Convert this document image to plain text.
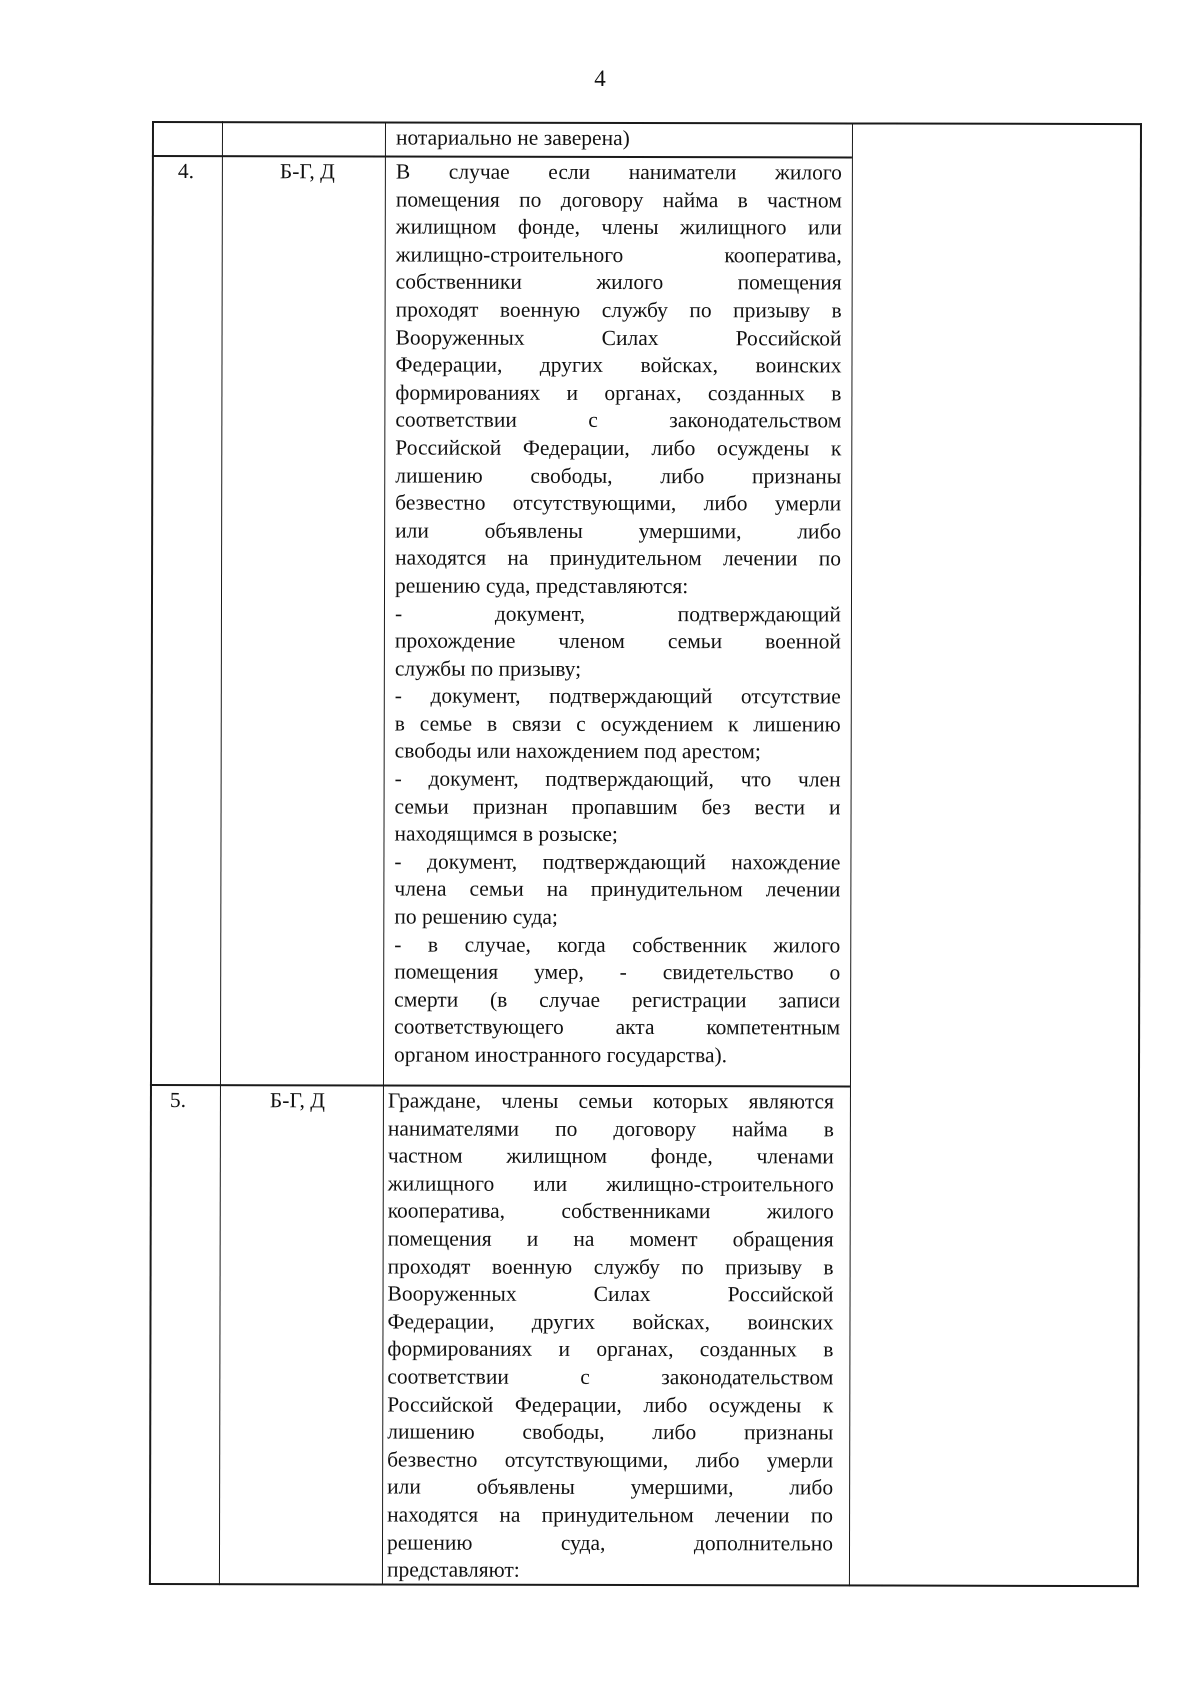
4
нотариально не заверена)
4.	Б-Г, Д	В случае если наниматели жилого
помещения по договору найма в частном
жилищном фонде, члены жилищного или
жилищно-строительного кооператива,
собственники жилого помещения
проходят военную службу по призыву в
Вооруженных Силах Российской
Федерации, других войсках, воинских
формированиях и органах, созданных в
соответствии с законодательством
Российской Федерации, либо осуждены к
лишению свободы, либо признаны
безвестно отсутствующими, либо умерли
или объявлены умершими, либо
находятся на принудительном лечении по
решению суда, представляются:
- документ, подтверждающий
прохождение членом семьи военной
службы по призыву;
- документ, подтверждающий отсутствие
в семье в связи с осуждением к лишению
свободы или нахождением под арестом;
- документ, подтверждающий, что член
семьи признан пропавшим без вести и
находящимся в розыске;
- документ, подтверждающий нахождение
члена семьи на принудительном лечении
по решению суда;
- в случае, когда собственник жилого
помещения умер, - свидетельство о
смерти (в случае регистрации записи
соответствующего акта компетентным
органом иностранного государства).
5.	Б-Г, Д	Граждане, члены семьи которых являются
нанимателями по договору найма в
частном жилищном фонде, членами
жилищного или жилищно-строительного
кооператива, собственниками жилого
помещения и на момент обращения
проходят военную службу по призыву в
Вооруженных Силах Российской
Федерации, других войсках, воинских
формированиях и органах, созданных в
соответствии с законодательством
Российской Федерации, либо осуждены к
лишению свободы, либо признаны
безвестно отсутствующими, либо умерли
или объявлены умершими, либо
находятся на принудительном лечении по
решению суда, дополнительно
представляют:
